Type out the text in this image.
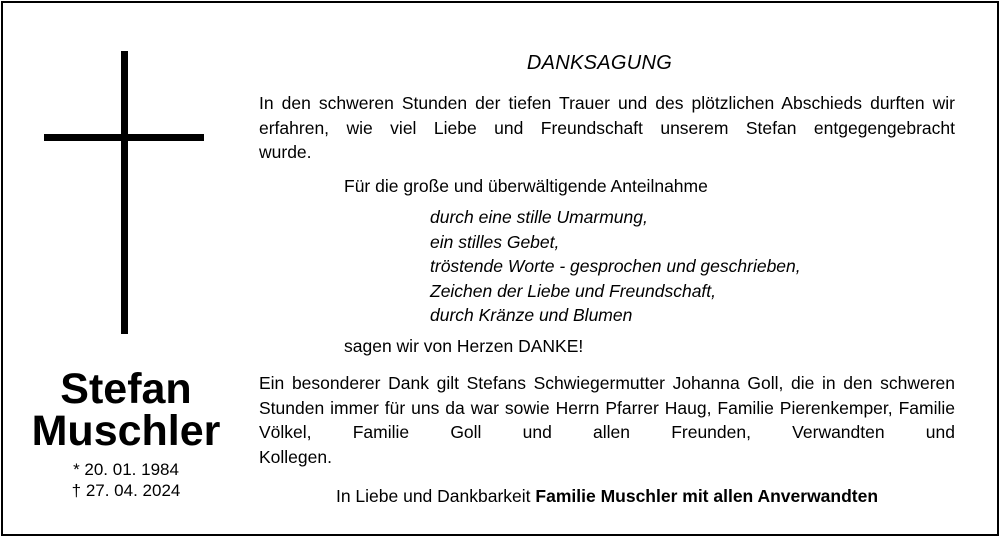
Stefan
Muschler
* 20. 01. 1984
† 27. 04. 2024
DANKSAGUNG
In den schweren Stunden der tiefen Trauer und des plötzlichen Abschieds durften wir erfahren, wie viel Liebe und Freundschaft unserem Stefan entgegengebracht
wurde.
Für die große und überwältigende Anteilnahme
durch eine stille Umarmung,
ein stilles Gebet,
tröstende Worte - gesprochen und geschrieben,
Zeichen der Liebe und Freundschaft,
durch Kränze und Blumen
sagen wir von Herzen DANKE!
Ein besonderer Dank gilt Stefans Schwiegermutter Johanna Goll, die in den schweren Stunden immer für uns da war sowie Herrn Pfarrer Haug, Familie Pierenkemper, Familie Völkel, Familie Goll und allen Freunden, Verwandten und
Kollegen.
In Liebe und Dankbarkeit Familie Muschler mit allen Anverwandten
